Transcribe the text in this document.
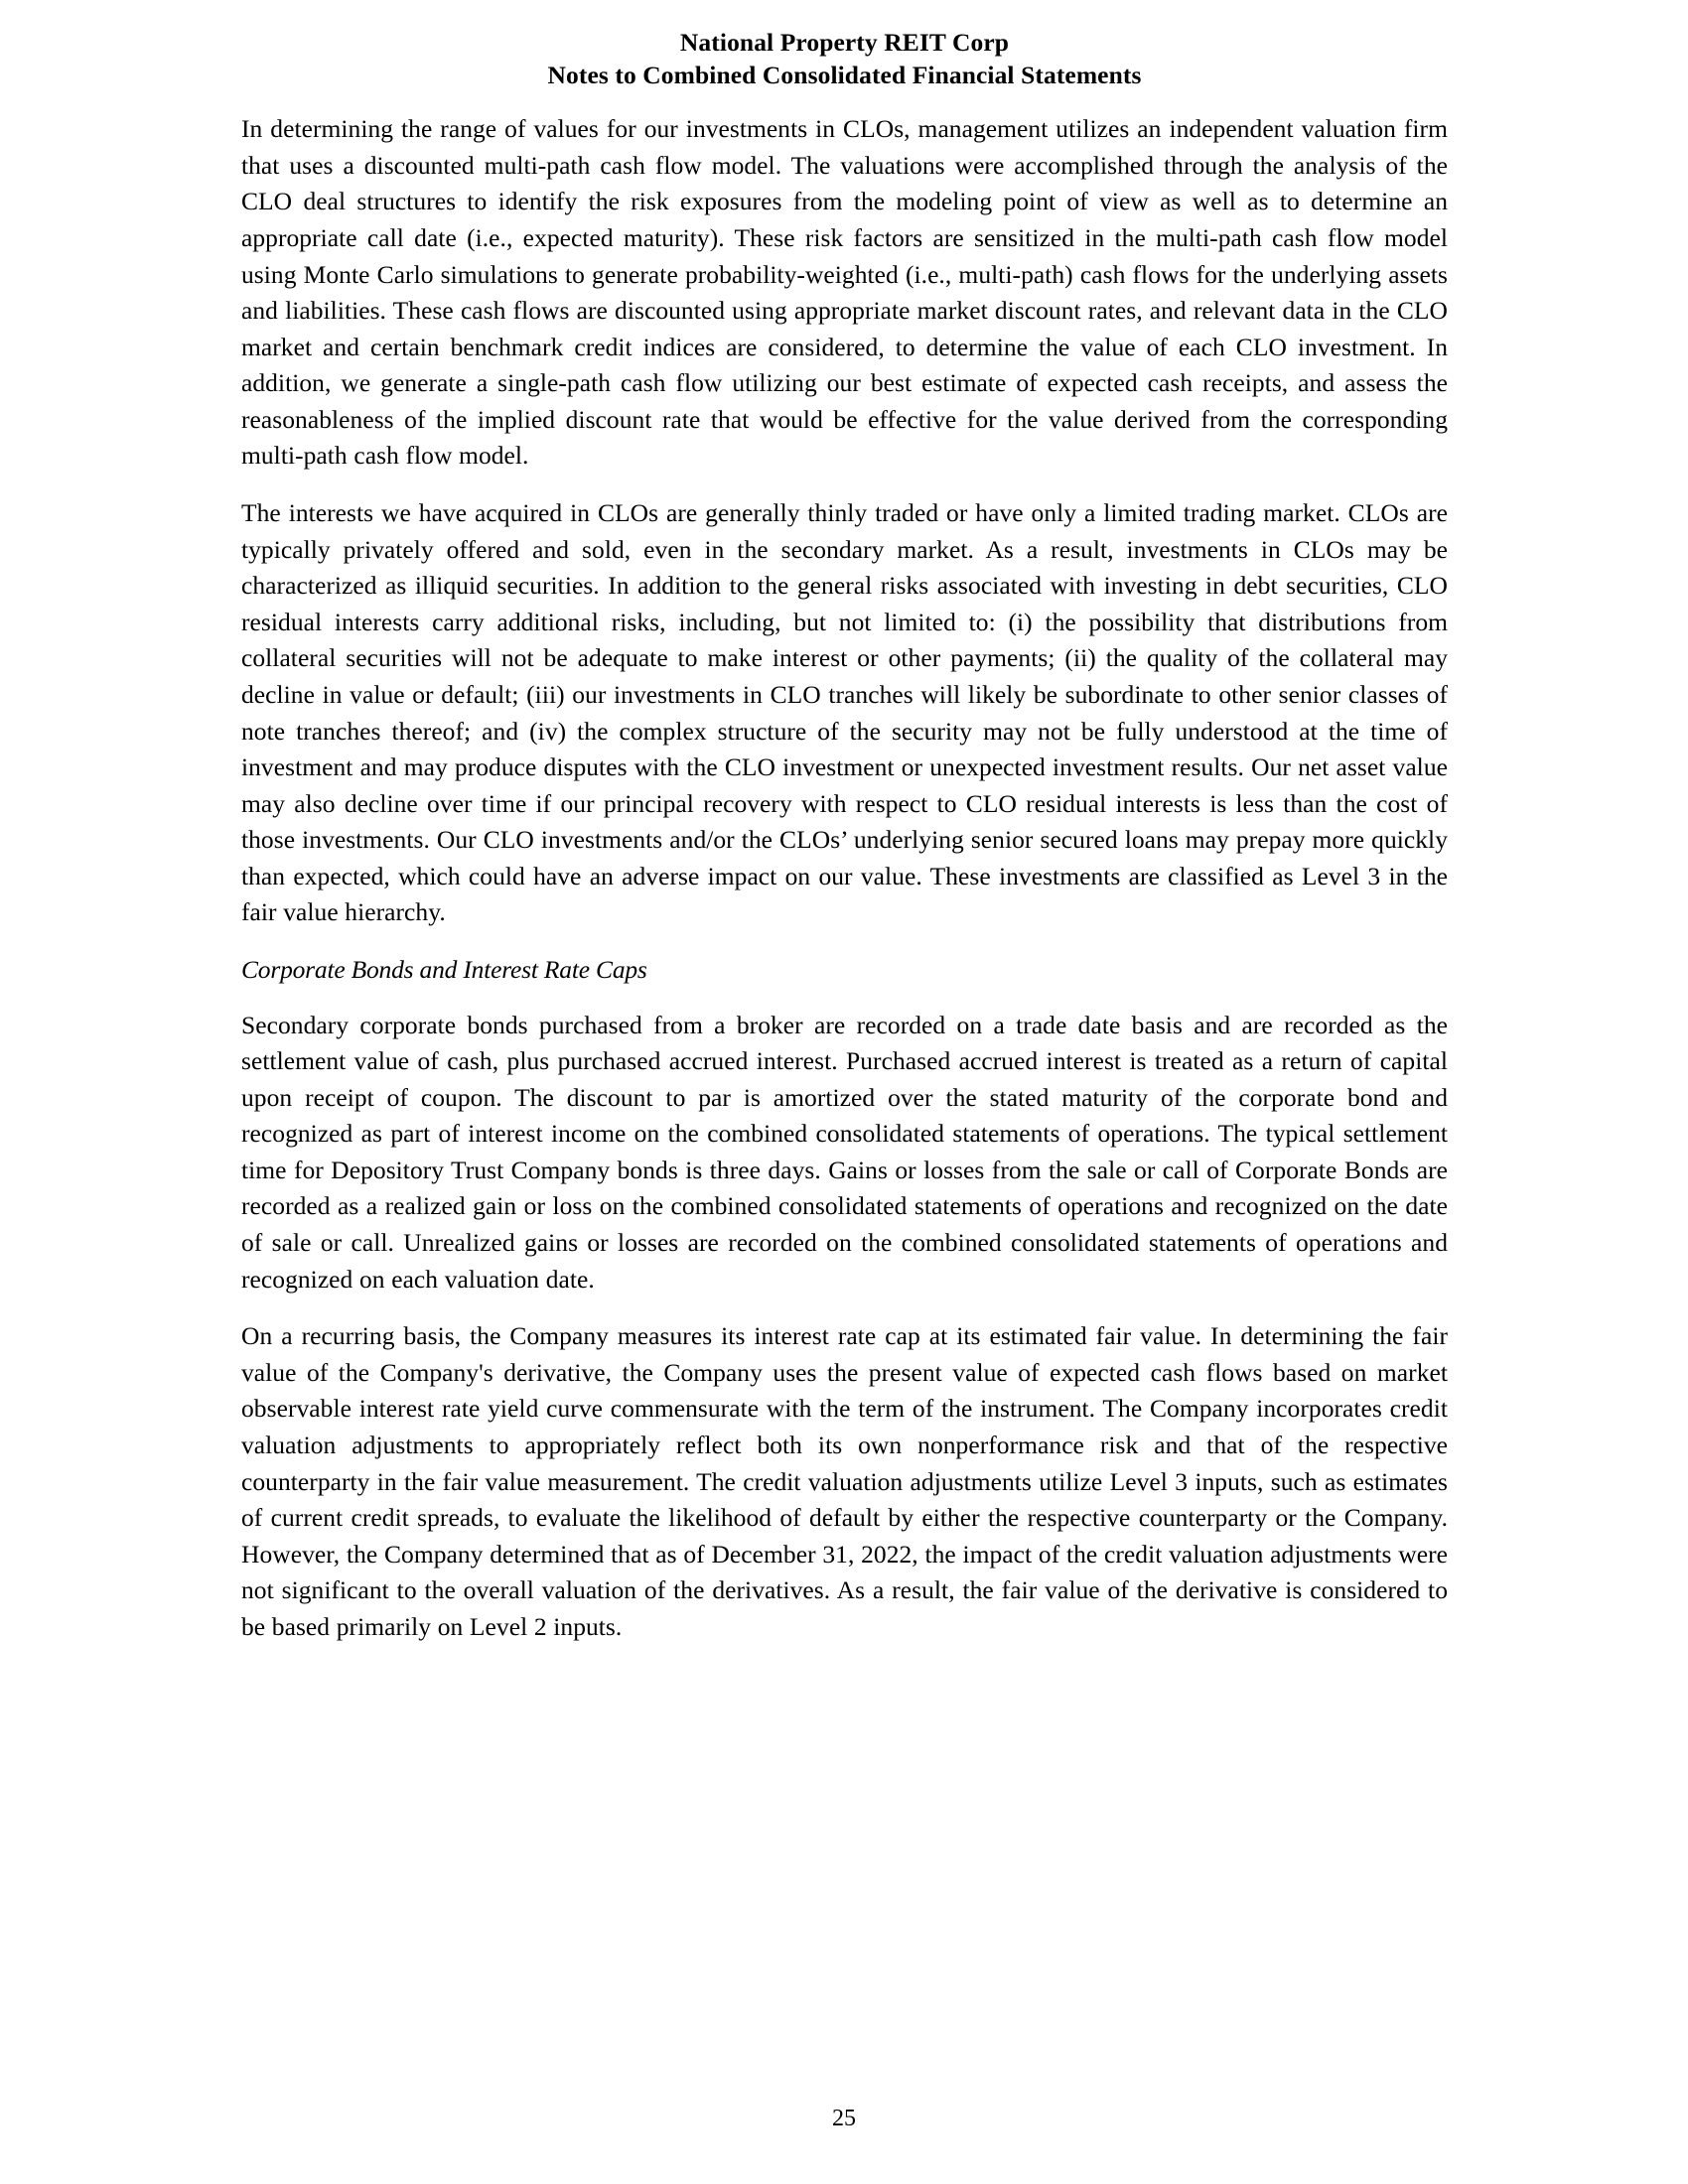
National Property REIT Corp
Notes to Combined Consolidated Financial Statements

In determining the range of values for our investments in CLOs, management utilizes an independent valuation firm that uses a discounted multi-path cash flow model. The valuations were accomplished through the analysis of the CLO deal structures to identify the risk exposures from the modeling point of view as well as to determine an appropriate call date (i.e., expected maturity). These risk factors are sensitized in the multi-path cash flow model using Monte Carlo simulations to generate probability-weighted (i.e., multi-path) cash flows for the underlying assets and liabilities. These cash flows are discounted using appropriate market discount rates, and relevant data in the CLO market and certain benchmark credit indices are considered, to determine the value of each CLO investment. In addition, we generate a single-path cash flow utilizing our best estimate of expected cash receipts, and assess the reasonableness of the implied discount rate that would be effective for the value derived from the corresponding multi-path cash flow model.

The interests we have acquired in CLOs are generally thinly traded or have only a limited trading market. CLOs are typically privately offered and sold, even in the secondary market. As a result, investments in CLOs may be characterized as illiquid securities. In addition to the general risks associated with investing in debt securities, CLO residual interests carry additional risks, including, but not limited to: (i) the possibility that distributions from collateral securities will not be adequate to make interest or other payments; (ii) the quality of the collateral may decline in value or default; (iii) our investments in CLO tranches will likely be subordinate to other senior classes of note tranches thereof; and (iv) the complex structure of the security may not be fully understood at the time of investment and may produce disputes with the CLO investment or unexpected investment results. Our net asset value may also decline over time if our principal recovery with respect to CLO residual interests is less than the cost of those investments. Our CLO investments and/or the CLOs’ underlying senior secured loans may prepay more quickly than expected, which could have an adverse impact on our value. These investments are classified as Level 3 in the fair value hierarchy.

Corporate Bonds and Interest Rate Caps

Secondary corporate bonds purchased from a broker are recorded on a trade date basis and are recorded as the settlement value of cash, plus purchased accrued interest. Purchased accrued interest is treated as a return of capital upon receipt of coupon. The discount to par is amortized over the stated maturity of the corporate bond and recognized as part of interest income on the combined consolidated statements of operations. The typical settlement time for Depository Trust Company bonds is three days. Gains or losses from the sale or call of Corporate Bonds are recorded as a realized gain or loss on the combined consolidated statements of operations and recognized on the date of sale or call. Unrealized gains or losses are recorded on the combined consolidated statements of operations and recognized on each valuation date.

On a recurring basis, the Company measures its interest rate cap at its estimated fair value. In determining the fair value of the Company's derivative, the Company uses the present value of expected cash flows based on market observable interest rate yield curve commensurate with the term of the instrument. The Company incorporates credit valuation adjustments to appropriately reflect both its own nonperformance risk and that of the respective counterparty in the fair value measurement. The credit valuation adjustments utilize Level 3 inputs, such as estimates of current credit spreads, to evaluate the likelihood of default by either the respective counterparty or the Company. However, the Company determined that as of December 31, 2022, the impact of the credit valuation adjustments were not significant to the overall valuation of the derivatives. As a result, the fair value of the derivative is considered to be based primarily on Level 2 inputs.

25
